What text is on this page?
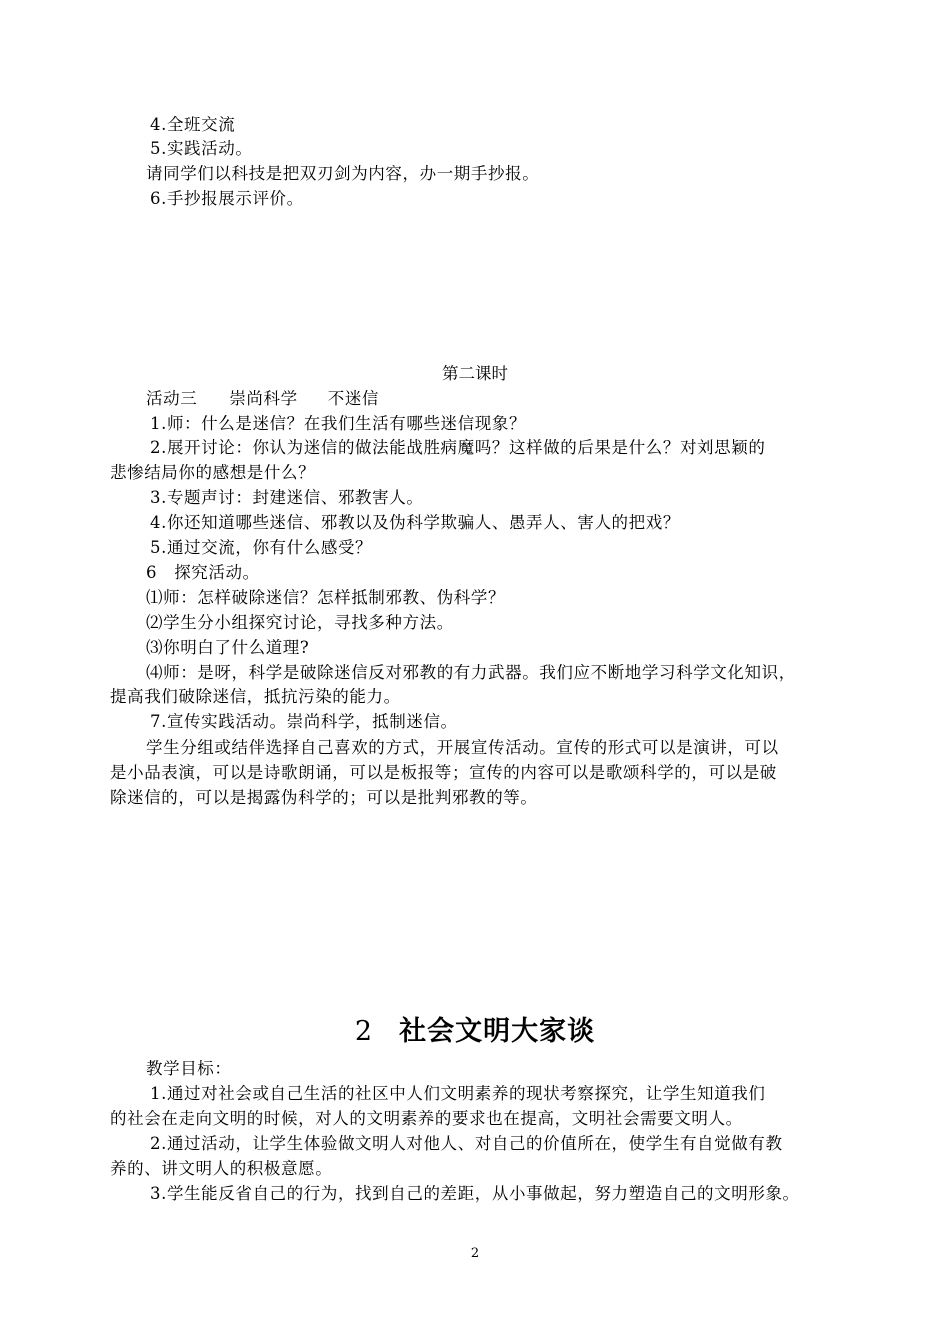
4.全班交流
5.实践活动。
请同学们以科技是把双刃剑为内容，办一期手抄报。
6.手抄报展示评价。
第二课时
活动三 崇尚科学 不迷信
1.师：什么是迷信？在我们生活有哪些迷信现象？
2.展开讨论：你认为迷信的做法能战胜病魔吗？这样做的后果是什么？对刘思颖的
悲惨结局你的感想是什么？
3.专题声讨：封建迷信、邪教害人。
4.你还知道哪些迷信、邪教以及伪科学欺骗人、愚弄人、害人的把戏？
5.通过交流，你有什么感受？
6　探究活动。
⑴师：怎样破除迷信？怎样抵制邪教、伪科学？
⑵学生分小组探究讨论，寻找多种方法。
⑶你明白了什么道理?
⑷师：是呀，科学是破除迷信反对邪教的有力武器。我们应不断地学习科学文化知识，
提高我们破除迷信，抵抗污染的能力。
7.宣传实践活动。崇尚科学，抵制迷信。
学生分组或结伴选择自己喜欢的方式，开展宣传活动。宣传的形式可以是演讲，可以
是小品表演，可以是诗歌朗诵，可以是板报等；宣传的内容可以是歌颂科学的，可以是破
除迷信的，可以是揭露伪科学的；可以是批判邪教的等。
2 社会文明大家谈
教学目标：
1.通过对社会或自己生活的社区中人们文明素养的现状考察探究，让学生知道我们
的社会在走向文明的时候，对人的文明素养的要求也在提高，文明社会需要文明人。
2.通过活动，让学生体验做文明人对他人、对自己的价值所在，使学生有自觉做有教
养的、讲文明人的积极意愿。
3.学生能反省自己的行为，找到自己的差距，从小事做起，努力塑造自己的文明形象。
2
